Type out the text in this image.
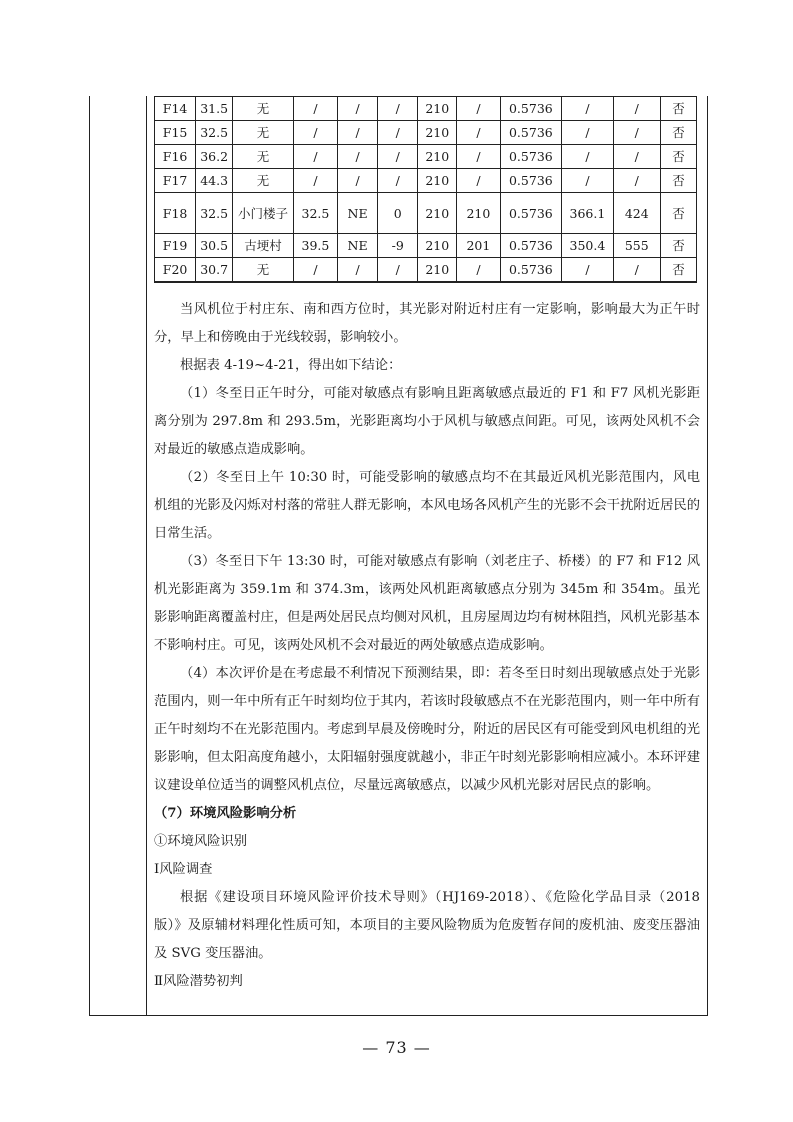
F14	31.5	无	/	/	/	210	/	0.5736	/	/	否
F15	32.5	无	/	/	/	210	/	0.5736	/	/	否
F16	36.2	无	/	/	/	210	/	0.5736	/	/	否
F17	44.3	无	/	/	/	210	/	0.5736	/	/	否
F18	32.5	小门楼子	32.5	NE	0	210	210	0.5736	366.1	424	否
F19	30.5	古埂村	39.5	NE	-9	210	201	0.5736	350.4	555	否
F20	30.7	无	/	/	/	210	/	0.5736	/	/	否

当风机位于村庄东、南和西方位时，其光影对附近村庄有一定影响，影响最大为正午时分，早上和傍晚由于光线较弱，影响较小。

根据表 4-19~4-21，得出如下结论：

（1）冬至日正午时分，可能对敏感点有影响且距离敏感点最近的 F1 和 F7 风机光影距离分别为 297.8m 和 293.5m，光影距离均小于风机与敏感点间距。可见，该两处风机不会对最近的敏感点造成影响。

（2）冬至日上午 10:30 时，可能受影响的敏感点均不在其最近风机光影范围内，风电机组的光影及闪烁对村落的常驻人群无影响，本风电场各风机产生的光影不会干扰附近居民的日常生活。

（3）冬至日下午 13:30 时，可能对敏感点有影响（刘老庄子、桥楼）的 F7 和 F12 风机光影距离为 359.1m 和 374.3m，该两处风机距离敏感点分别为 345m 和 354m。虽光影影响距离覆盖村庄，但是两处居民点均侧对风机，且房屋周边均有树林阻挡，风机光影基本不影响村庄。可见，该两处风机不会对最近的两处敏感点造成影响。

（4）本次评价是在考虑最不利情况下预测结果，即：若冬至日时刻出现敏感点处于光影范围内，则一年中所有正午时刻均位于其内，若该时段敏感点不在光影范围内，则一年中所有正午时刻均不在光影范围内。考虑到早晨及傍晚时分，附近的居民区有可能受到风电机组的光影影响，但太阳高度角越小，太阳辐射强度就越小，非正午时刻光影影响相应减小。本环评建议建设单位适当的调整风机点位，尽量远离敏感点，以减少风机光影对居民点的影响。

（7）环境风险影响分析

①环境风险识别

Ⅰ风险调查

根据《建设项目环境风险评价技术导则》（HJ169-2018）、《危险化学品目录（2018 版）》及原辅材料理化性质可知，本项目的主要风险物质为危废暂存间的废机油、废变压器油及 SVG 变压器油。

Ⅱ风险潜势初判

— 73 —
